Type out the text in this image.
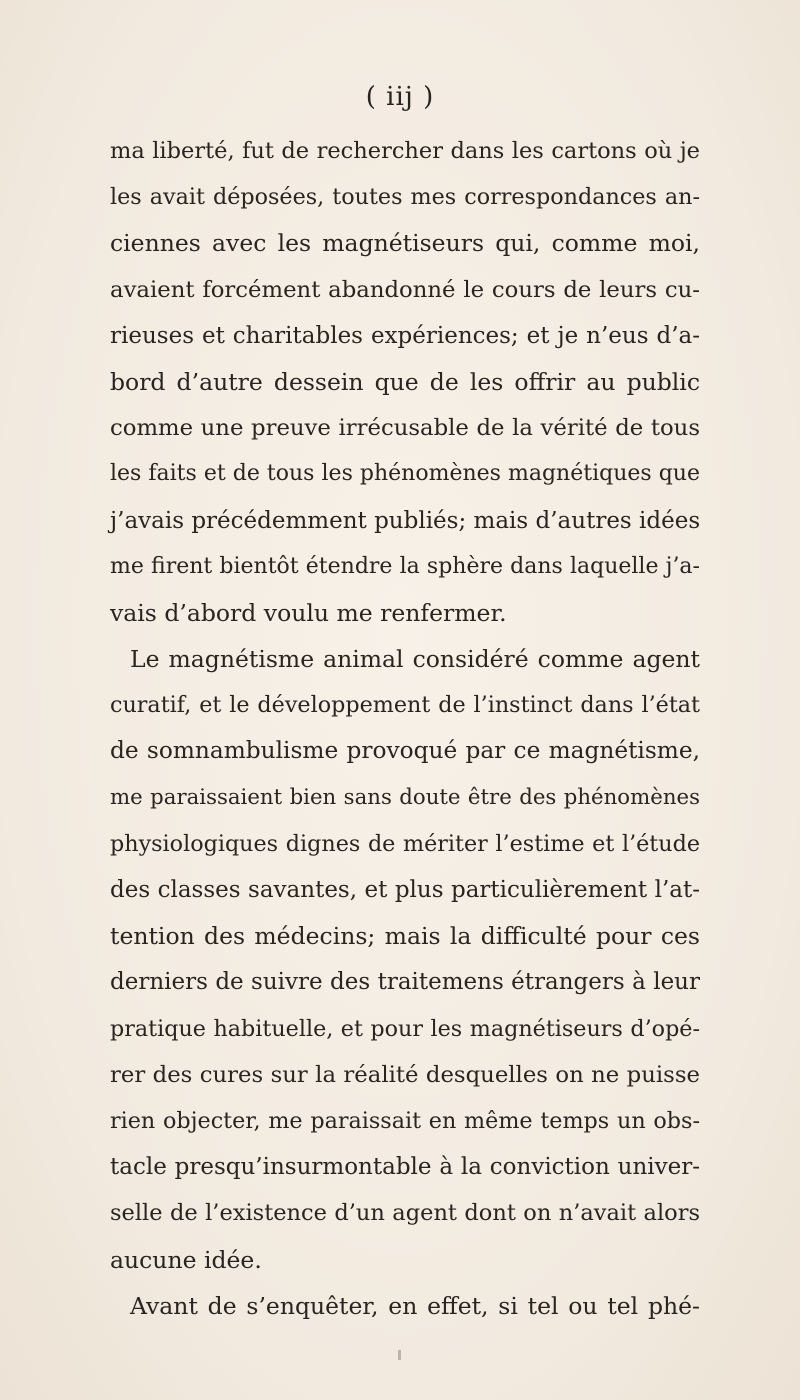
( iij )
ma liberté, fut de rechercher dans les cartons où je
les avait déposées, toutes mes correspondances an-
ciennes avec les magnétiseurs qui, comme moi,
avaient forcément abandonné le cours de leurs cu-
rieuses et charitables expériences; et je n’eus d’a-
bord d’autre dessein que de les offrir au public
comme une preuve irrécusable de la vérité de tous
les faits et de tous les phénomènes magnétiques que
j’avais précédemment publiés; mais d’autres idées
me firent bientôt étendre la sphère dans laquelle j’a-
vais d’abord voulu me renfermer.
Le magnétisme animal considéré comme agent
curatif, et le développement de l’instinct dans l’état
de somnambulisme provoqué par ce magnétisme,
me paraissaient bien sans doute être des phénomènes
physiologiques dignes de mériter l’estime et l’étude
des classes savantes, et plus particulièrement l’at-
tention des médecins; mais la difficulté pour ces
derniers de suivre des traitemens étrangers à leur
pratique habituelle, et pour les magnétiseurs d’opé-
rer des cures sur la réalité desquelles on ne puisse
rien objecter, me paraissait en même temps un obs-
tacle presqu’insurmontable à la conviction univer-
selle de l’existence d’un agent dont on n’avait alors
aucune idée.
Avant de s’enquêter, en effet, si tel ou tel phé-
